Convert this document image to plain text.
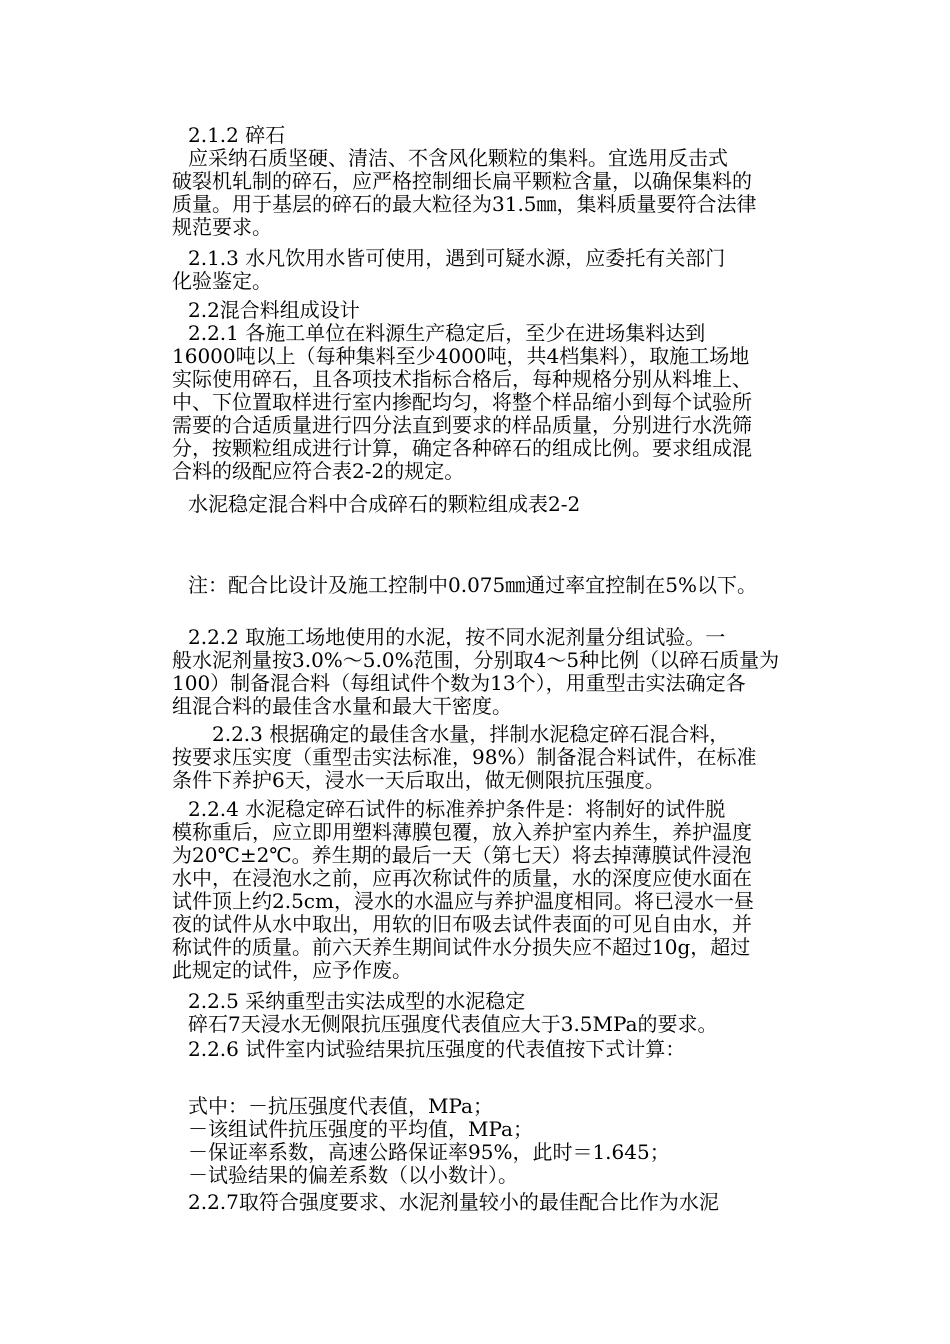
2.1.2 碎石

应采纳石质坚硬、清洁、不含风化颗粒的集料。宜选用反击式

破裂机轧制的碎石，应严格控制细长扁平颗粒含量，以确保集料的

质量。用于基层的碎石的最大粒径为31.5㎜，集料质量要符合法律

规范要求。

2.1.3 水凡饮用水皆可使用，遇到可疑水源，应委托有关部门

化验鉴定。

2.2混合料组成设计

2.2.1 各施工单位在料源生产稳定后，至少在进场集料达到

16000吨以上（每种集料至少4000吨，共4档集料），取施工场地

实际使用碎石，且各项技术指标合格后，每种规格分别从料堆上、

中、下位置取样进行室内掺配均匀，将整个样品缩小到每个试验所

需要的合适质量进行四分法直到要求的样品质量，分别进行水洗筛

分，按颗粒组成进行计算，确定各种碎石的组成比例。要求组成混

合料的级配应符合表2-2的规定。

水泥稳定混合料中合成碎石的颗粒组成表2-2

注：配合比设计及施工控制中0.075㎜通过率宜控制在5%以下。

2.2.2 取施工场地使用的水泥，按不同水泥剂量分组试验。一

般水泥剂量按3.0%～5.0%范围，分别取4～5种比例（以碎石质量为

100）制备混合料（每组试件个数为13个），用重型击实法确定各

组混合料的最佳含水量和最大干密度。

2.2.3 根据确定的最佳含水量，拌制水泥稳定碎石混合料，

按要求压实度（重型击实法标准，98%）制备混合料试件，在标准

条件下养护6天，浸水一天后取出，做无侧限抗压强度。

2.2.4 水泥稳定碎石试件的标准养护条件是：将制好的试件脱

模称重后，应立即用塑料薄膜包覆，放入养护室内养生，养护温度

为20℃±2℃。养生期的最后一天（第七天）将去掉薄膜试件浸泡

水中，在浸泡水之前，应再次称试件的质量，水的深度应使水面在

试件顶上约2.5cm，浸水的水温应与养护温度相同。将已浸水一昼

夜的试件从水中取出，用软的旧布吸去试件表面的可见自由水，并

称试件的质量。前六天养生期间试件水分损失应不超过10g，超过

此规定的试件，应予作废。

2.2.5 采纳重型击实法成型的水泥稳定

碎石7天浸水无侧限抗压强度代表值应大于3.5MPa的要求。

2.2.6 试件室内试验结果抗压强度的代表值按下式计算：

式中：－抗压强度代表值，MPa；

－该组试件抗压强度的平均值，MPa；

－保证率系数，高速公路保证率95%，此时＝1.645；

－试验结果的偏差系数（以小数计）。

2.2.7取符合强度要求、水泥剂量较小的最佳配合比作为水泥
